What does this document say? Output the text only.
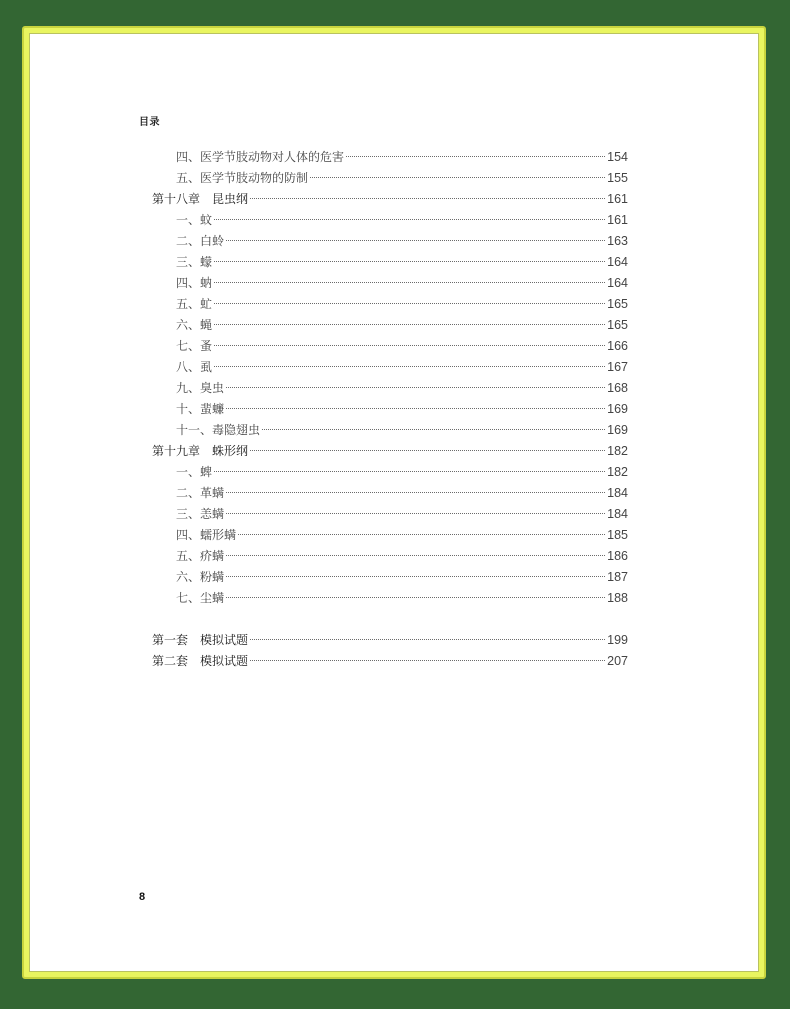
目录
四、医学节肢动物对人体的危害	154
五、医学节肢动物的防制	155
第十八章　昆虫纲	161
一、蚊	161
二、白蛉	163
三、蠓	164
四、蚋	164
五、虻	165
六、蝇	165
七、蚤	166
八、虱	167
九、臭虫	168
十、蜚蠊	169
十一、毒隐翅虫	169
第十九章　蛛形纲	182
一、蜱	182
二、革螨	184
三、恙螨	184
四、蠕形螨	185
五、疥螨	186
六、粉螨	187
七、尘螨	188
第一套　模拟试题	199
第二套　模拟试题	207
8
